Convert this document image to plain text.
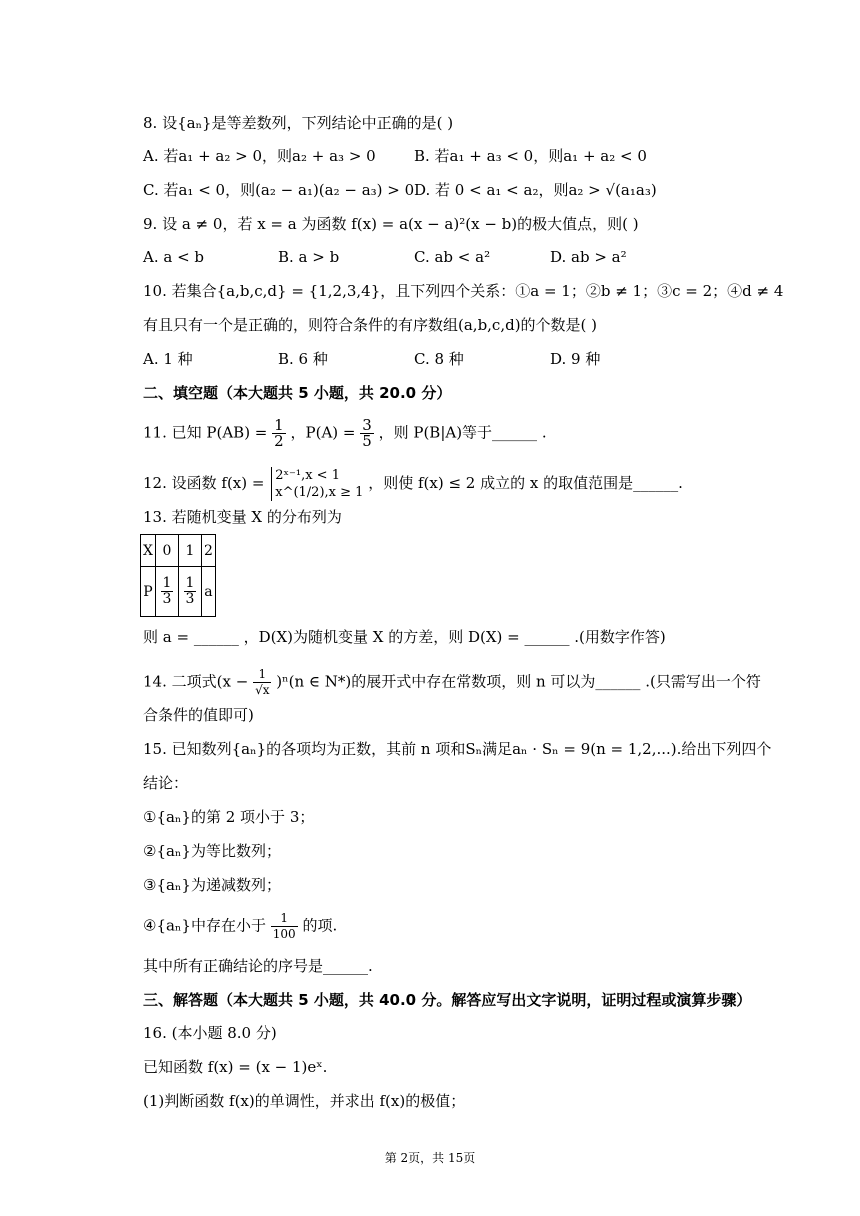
8. 设{aₙ}是等差数列，下列结论中正确的是( )
A. 若a₁ + a₂ > 0，则a₂ + a₃ > 0	B. 若a₁ + a₃ < 0，则a₁ + a₂ < 0
C. 若a₁ < 0，则(a₂ − a₁)(a₂ − a₃) > 0 D. 若 0 < a₁ < a₂，则a₂ > √(a₁a₃)
9. 设 a ≠ 0，若 x = a 为函数 f(x) = a(x − a)²(x − b)的极大值点，则( )
A. a < b	B. a > b	C. ab < a²	D. ab > a²
10. 若集合{a,b,c,d} = {1,2,3,4}，且下列四个关系：①a = 1；②b ≠ 1；③c = 2；④d ≠ 4
有且只有一个是正确的，则符合条件的有序数组(a,b,c,d)的个数是( )
A. 1 种	B. 6 种	C. 8 种	D. 9 种
二、填空题（本大题共 5 小题，共 20.0 分）
11. 已知 $P(AB) = \frac{1}{2}$ ，$P(A) = \frac{3}{5}$ ，则 P(B|A)等于______ .
12. 设函数 f(x) = 2ˣ⁻¹,x < 1
x^(1/2),x ≥ 1
，则使 f(x) ≤ 2 成立的 x 的取值范围是______.
13. 若随机变量 X 的分布列为
X	0	1	2
P	$\frac{1}{3}$	$\frac{1}{3}$	a
则 a = ______ ，D(X)为随机变量 X 的方差，则 D(X) = ______ .(用数字作答)
14. 二项式$(x - \frac{1}{√x} )^n(n$ ∈ N*)的展开式中存在常数项，则 n 可以为______ .(只需写出一个符
合条件的值即可)
15. 已知数列{aₙ}的各项均为正数，其前 n 项和Sₙ满足aₙ · Sₙ = 9(n = 1,2,...).给出下列四个
结论：
①{aₙ}的第 2 项小于 3；
②{aₙ}为等比数列；
③{aₙ}为递减数列；
④{aₙ}中存在小于 $\frac{1}{100}$ 的项.
其中所有正确结论的序号是______.
三、解答题（本大题共 5 小题，共 40.0 分。解答应写出文字说明，证明过程或演算步骤）
16. (本小题 8.0 分)
已知函数 f(x) = (x − 1)eˣ.
(1)判断函数 f(x)的单调性，并求出 f(x)的极值；
第 2页，共 15页
